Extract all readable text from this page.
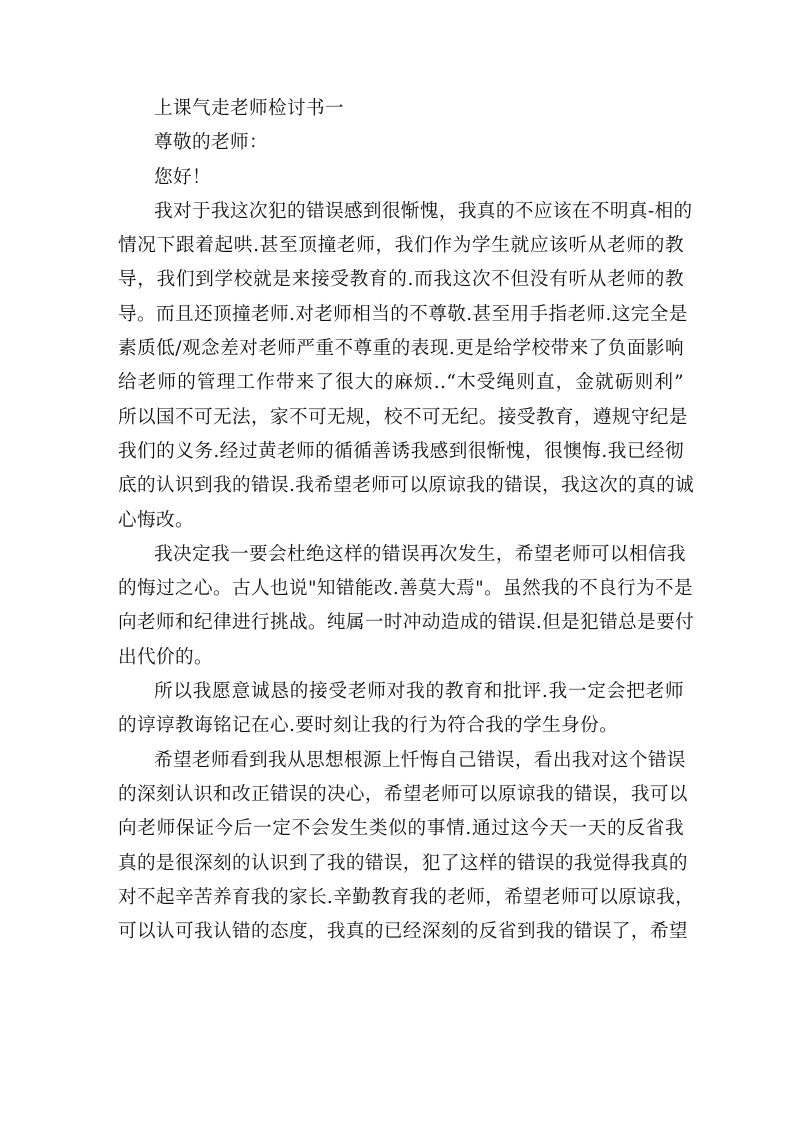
上课气走老师检讨书一
尊敬的老师：
您好！
我对于我这次犯的错误感到很惭愧，我真的不应该在不明真-相的
情况下跟着起哄.甚至顶撞老师，我们作为学生就应该听从老师的教
导，我们到学校就是来接受教育的.而我这次不但没有听从老师的教
导。而且还顶撞老师.对老师相当的不尊敬.甚至用手指老师.这完全是
素质低/观念差对老师严重不尊重的表现.更是给学校带来了负面影响
给老师的管理工作带来了很大的麻烦..“木受绳则直，金就砺则利”
所以国不可无法，家不可无规，校不可无纪。接受教育，遵规守纪是
我们的义务.经过黄老师的循循善诱我感到很惭愧，很懊悔.我已经彻
底的认识到我的错误.我希望老师可以原谅我的错误，我这次的真的诚
心悔改。
我决定我一要会杜绝这样的错误再次发生，希望老师可以相信我
的悔过之心。古人也说"知错能改.善莫大焉"。虽然我的不良行为不是
向老师和纪律进行挑战。纯属一时冲动造成的错误.但是犯错总是要付
出代价的。
所以我愿意诚恳的接受老师对我的教育和批评.我一定会把老师
的谆谆教诲铭记在心.要时刻让我的行为符合我的学生身份。
希望老师看到我从思想根源上忏悔自己错误，看出我对这个错误
的深刻认识和改正错误的决心，希望老师可以原谅我的错误，我可以
向老师保证今后一定不会发生类似的事情.通过这今天一天的反省我
真的是很深刻的认识到了我的错误，犯了这样的错误的我觉得我真的
对不起辛苦养育我的家长.辛勤教育我的老师，希望老师可以原谅我，
可以认可我认错的态度，我真的已经深刻的反省到我的错误了，希望
